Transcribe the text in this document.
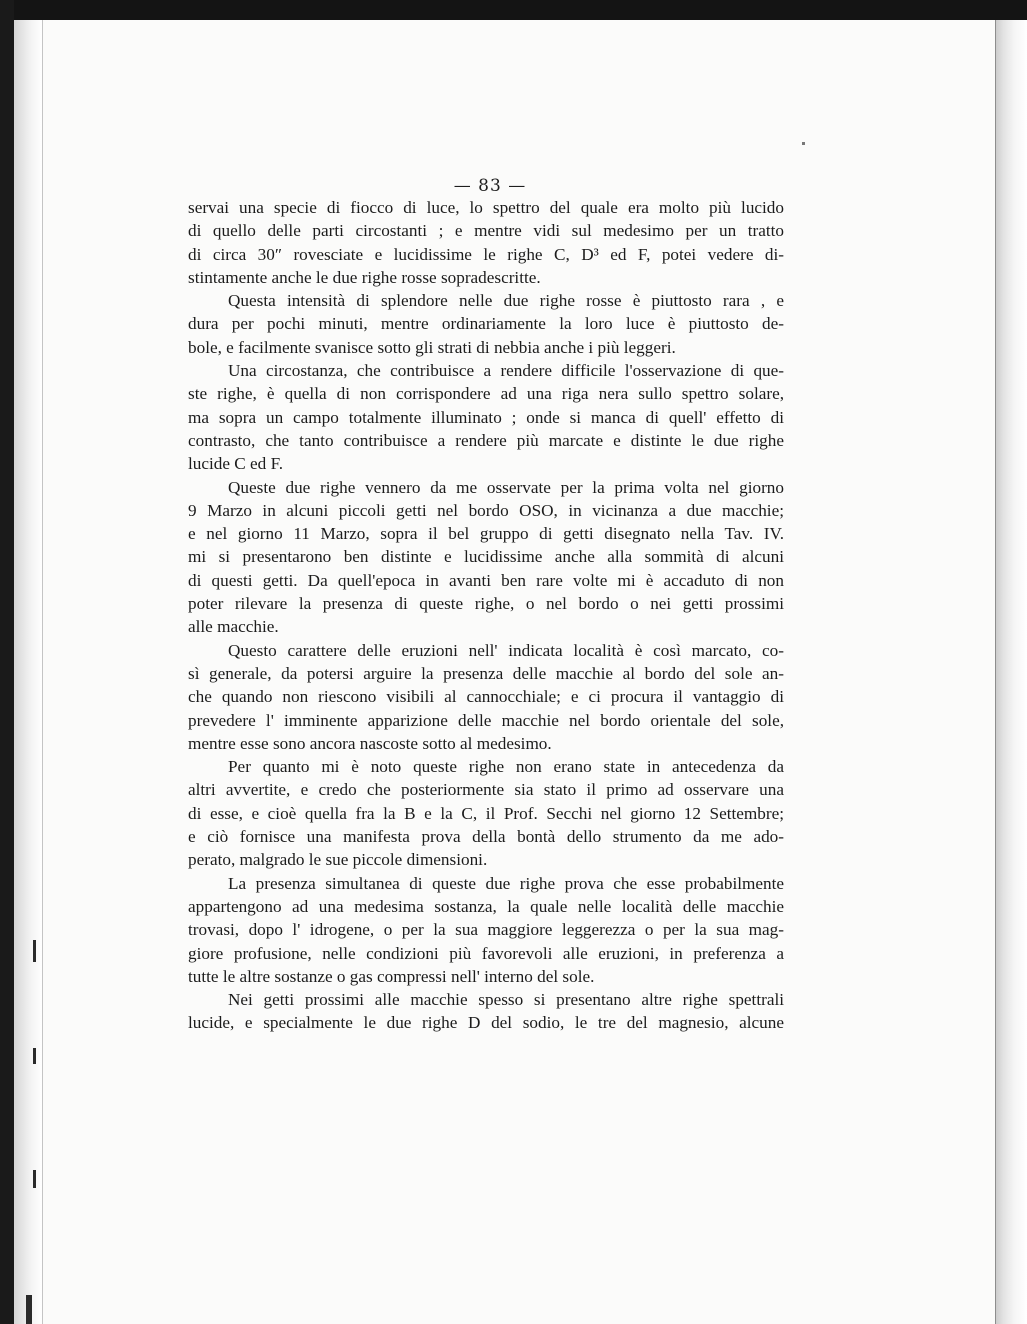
— 83 —

servai una specie di fiocco di luce, lo spettro del quale era molto più lucido

di quello delle parti circostanti ; e mentre vidi sul medesimo per un tratto

di circa 30″ rovesciate e lucidissime le righe C, D³ ed F, potei vedere di-

stintamente anche le due righe rosse sopradescritte.

Questa intensità di splendore nelle due righe rosse è piuttosto rara , e

dura per pochi minuti, mentre ordinariamente la loro luce è piuttosto de-

bole, e facilmente svanisce sotto gli strati di nebbia anche i più leggeri.

Una circostanza, che contribuisce a rendere difficile l'osservazione di que-

ste righe, è quella di non corrispondere ad una riga nera sullo spettro solare,

ma sopra un campo totalmente illuminato ; onde si manca di quell' effetto di

contrasto, che tanto contribuisce a rendere più marcate e distinte le due righe

lucide C ed F.

Queste due righe vennero da me osservate per la prima volta nel giorno

9 Marzo in alcuni piccoli getti nel bordo OSO, in vicinanza a due macchie;

e nel giorno 11 Marzo, sopra il bel gruppo di getti disegnato nella Tav. IV.

mi si presentarono ben distinte e lucidissime anche alla sommità di alcuni

di questi getti. Da quell'epoca in avanti ben rare volte mi è accaduto di non

poter rilevare la presenza di queste righe, o nel bordo o nei getti prossimi

alle macchie.

Questo carattere delle eruzioni nell' indicata località è così marcato, co-

sì generale, da potersi arguire la presenza delle macchie al bordo del sole an-

che quando non riescono visibili al cannocchiale; e ci procura il vantaggio di

prevedere l' imminente apparizione delle macchie nel bordo orientale del sole,

mentre esse sono ancora nascoste sotto al medesimo.

Per quanto mi è noto queste righe non erano state in antecedenza da

altri avvertite, e credo che posteriormente sia stato il primo ad osservare una

di esse, e cioè quella fra la B e la C, il Prof. Secchi nel giorno 12 Settembre;

e ciò fornisce una manifesta prova della bontà dello strumento da me ado-

perato, malgrado le sue piccole dimensioni.

La presenza simultanea di queste due righe prova che esse probabilmente

appartengono ad una medesima sostanza, la quale nelle località delle macchie

trovasi, dopo l' idrogene, o per la sua maggiore leggerezza o per la sua mag-

giore profusione, nelle condizioni più favorevoli alle eruzioni, in preferenza a

tutte le altre sostanze o gas compressi nell' interno del sole.

Nei getti prossimi alle macchie spesso si presentano altre righe spettrali

lucide, e specialmente le due righe D del sodio, le tre del magnesio, alcune
